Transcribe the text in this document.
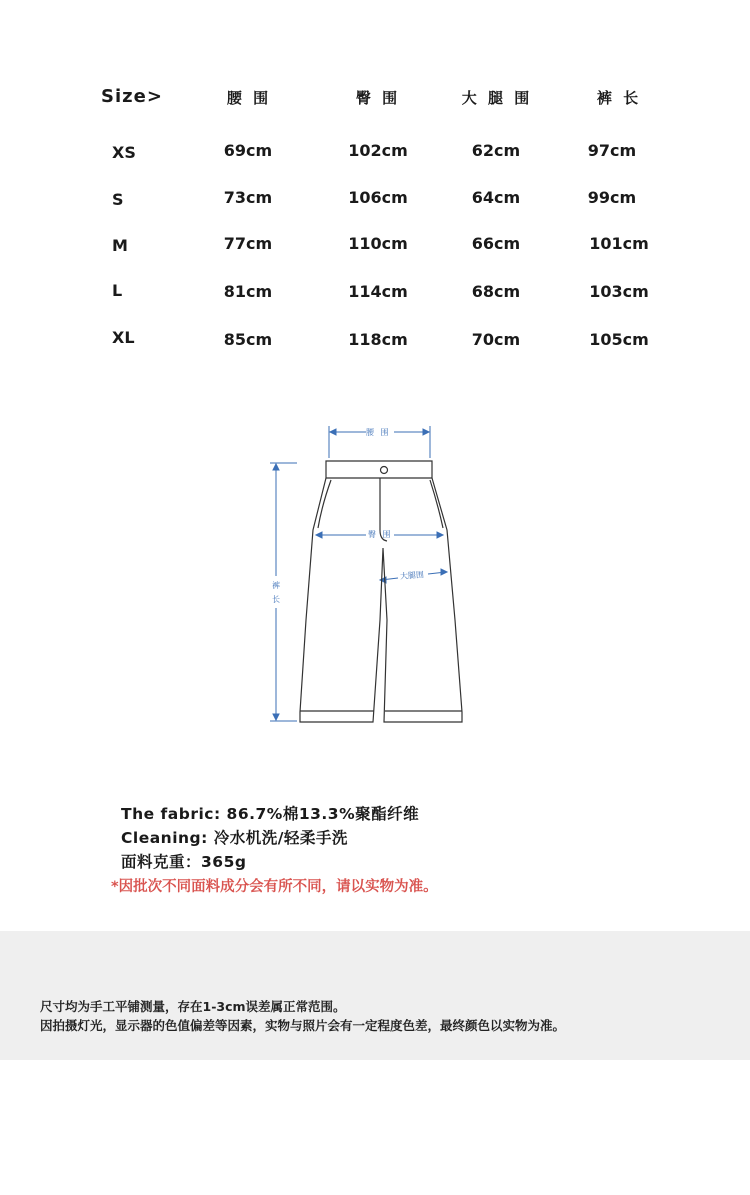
Size>	腰 围	臀 围	大 腿 围	裤 长
XS	69cm	102cm	62cm	97cm
S	73cm	106cm	64cm	99cm
M	77cm	110cm	66cm	101cm
L	81cm	114cm	68cm	103cm
XL	85cm	118cm	70cm	105cm
腰 围
臀 围
大腿围
裤
长
The fabric: 86.7%棉13.3%聚酯纤维
Cleaning: 冷水机洗/轻柔手洗
面料克重：365g
*因批次不同面料成分会有所不同，请以实物为准。
尺寸均为手工平铺测量，存在1-3cm误差属正常范围。
因拍摄灯光，显示器的色值偏差等因素，实物与照片会有一定程度色差，最终颜色以实物为准。
